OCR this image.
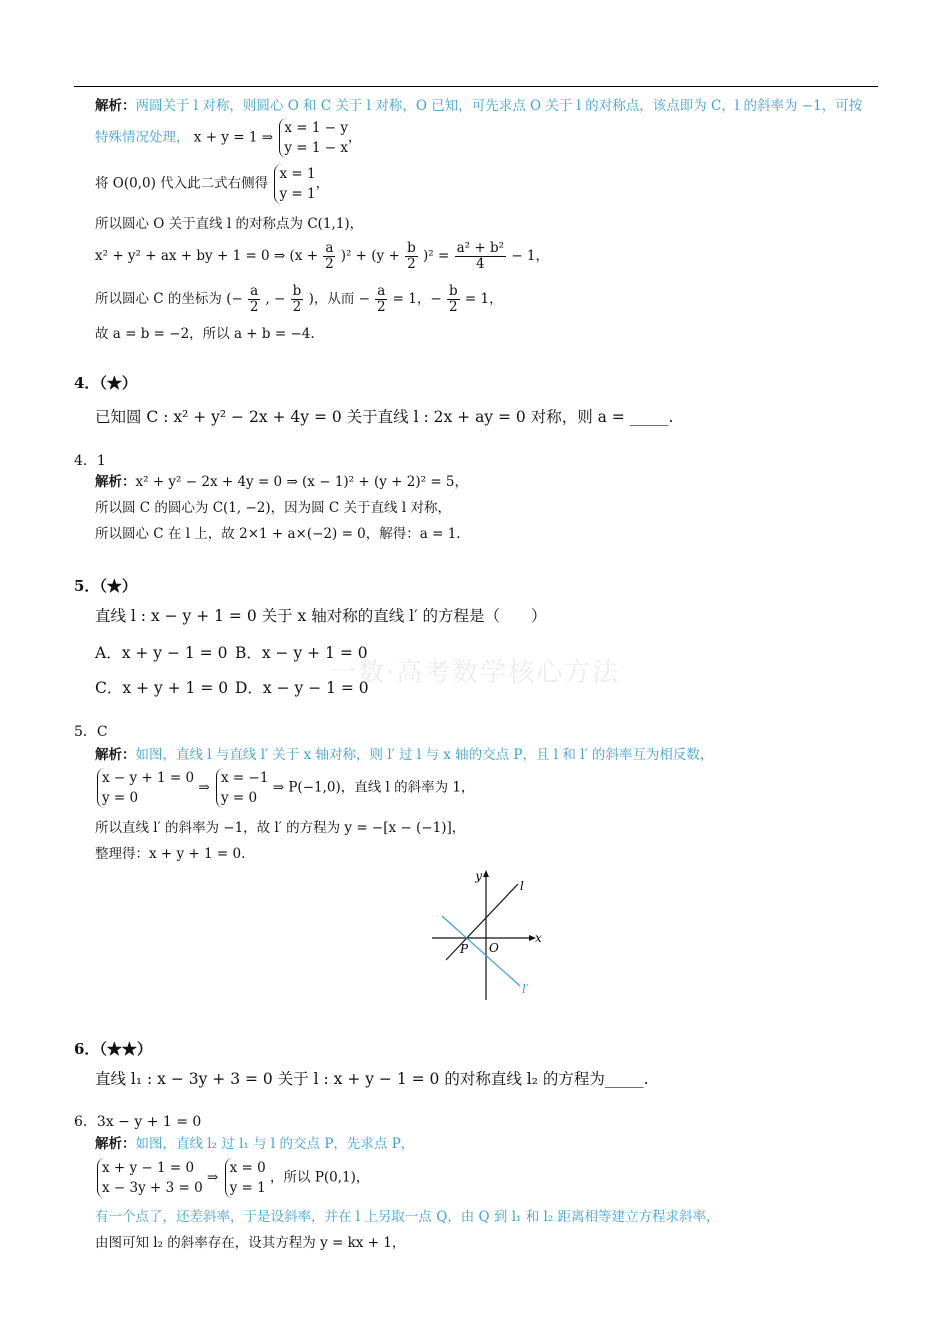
一数·高考数学核心方法
解析：两圆关于 l 对称，则圆心 O 和 C 关于 l 对称，O 已知，可先求点 O 关于 l 的对称点，该点即为 C，l 的斜率为 −1，可按
特殊情况处理， x + y = 1 ⇒
x = 1 − y
y = 1 − x
，
将 O(0,0) 代入此二式右侧得
x = 1
y = 1
，
所以圆心 O 关于直线 l 的对称点为 C(1,1)，
x² + y² + ax + by + 1 = 0 ⇒ $(x + \frac{a}{2} )^2 + (y + \frac{b}{2} )^2 = \frac{\text{a² + b²}}{4} - 1$，
所以圆心 C 的坐标为 (− $\frac{a}{2}$ , − $\frac{b}{2}$ )，从而 − $\frac{a}{2} = 1$，− $\frac{b}{2} = 1$，
故 a = b = −2，所以 a + b = −4.
4．（★）
已知圆 C : x² + y² − 2x + 4y = 0 关于直线 l : 2x + ay = 0 对称，则 a = _____.
4．1
解析：x² + y² − 2x + 4y = 0 ⇒ (x − 1)² + (y + 2)² = 5，
所以圆 C 的圆心为 C(1, −2)，因为圆 C 关于直线 l 对称，
所以圆心 C 在 l 上，故 2×1 + a×(−2) = 0，解得：a = 1.
5．（★）
直线 l : x − y + 1 = 0 关于 x 轴对称的直线 l′ 的方程是（　　）
A．x + y − 1 = 0 B．x − y + 1 = 0
C．x + y + 1 = 0 D．x − y − 1 = 0
5．C
解析：如图，直线 l 与直线 l′ 关于 x 轴对称，则 l′ 过 l 与 x 轴的交点 P，且 l 和 l′ 的斜率互为相反数，
x − y + 1 = 0
y = 0
⇒
x = −1
y = 0
⇒ P(−1,0)，直线 l 的斜率为 1，
所以直线 l′ 的斜率为 −1，故 l′ 的方程为 y = −[x − (−1)]，
整理得：x + y + 1 = 0.
y
x
l
l′
P O
6．（★★）
直线 l₁ : x − 3y + 3 = 0 关于 l : x + y − 1 = 0 的对称直线 l₂ 的方程为_____.
6．3x − y + 1 = 0
解析：如图，直线 l₂ 过 l₁ 与 l 的交点 P，先求点 P，
x + y − 1 = 0
x − 3y + 3 = 0
⇒
x = 0
y = 1
，所以 P(0,1)，
有一个点了，还差斜率，于是设斜率，并在 l 上另取一点 Q，由 Q 到 l₁ 和 l₂ 距离相等建立方程求斜率，
由图可知 l₂ 的斜率存在，设其方程为 y = kx + 1，
